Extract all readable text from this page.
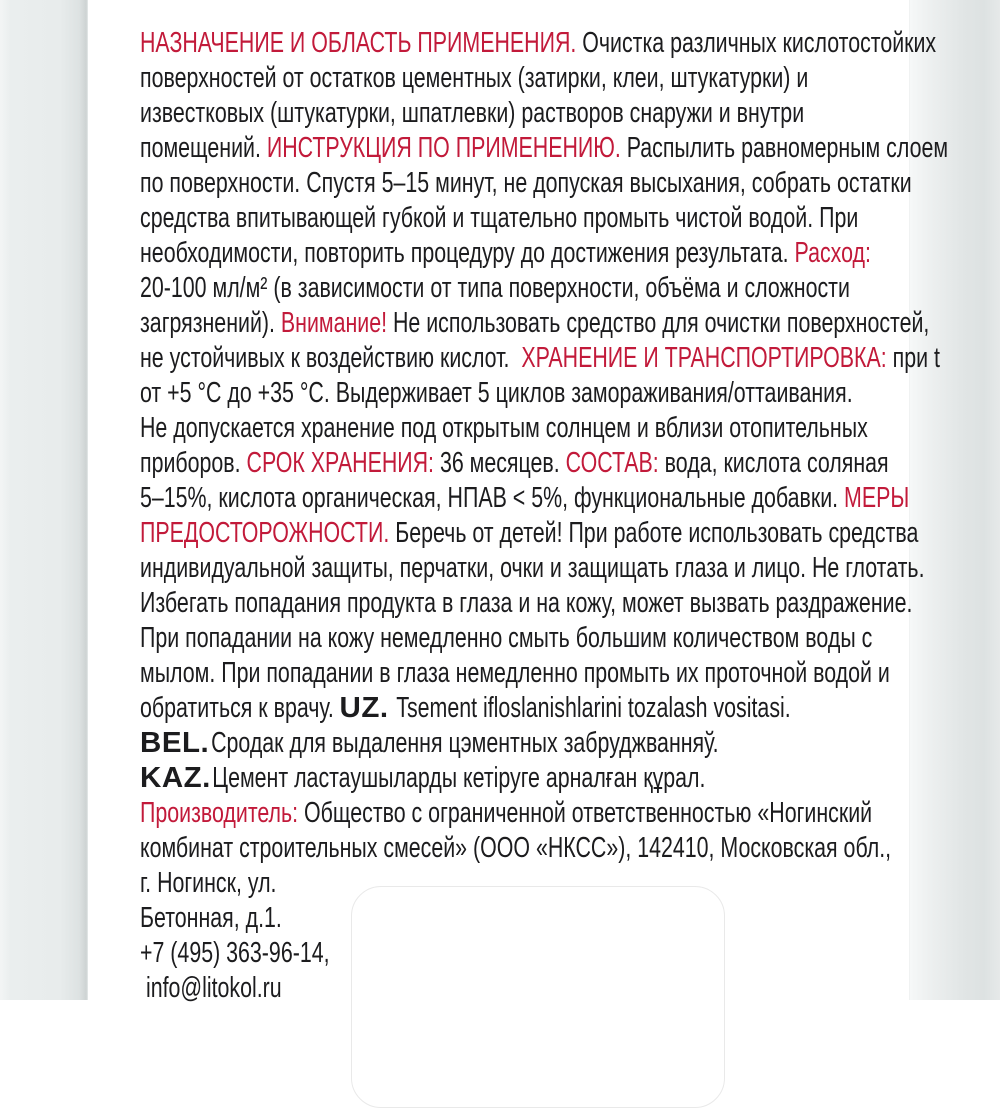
НАЗНАЧЕНИЕ И ОБЛАСТЬ ПРИМЕНЕНИЯ. Очистка различных кислотостойких
поверхностей от остатков цементных (затирки, клеи, штукатурки) и
известковых (штукатурки, шпатлевки) растворов снаружи и внутри
помещений. ИНСТРУКЦИЯ ПО ПРИМЕНЕНИЮ. Распылить равномерным слоем
по поверхности. Спустя 5–15 минут, не допуская высыхания, собрать остатки
средства впитывающей губкой и тщательно промыть чистой водой. При
необходимости, повторить процедуру до достижения результата. Расход:
20-100 мл/м² (в зависимости от типа поверхности, объёма и сложности
загрязнений). Внимание! Не использовать средство для очистки поверхностей,
не устойчивых к воздействию кислот.  ХРАНЕНИЕ И ТРАНСПОРТИРОВКА: при t
от +5 °С до +35 °С. Выдерживает 5 циклов замораживания/оттаивания.
Не допускается хранение под открытым солнцем и вблизи отопительных
приборов. СРОК ХРАНЕНИЯ: 36 месяцев. СОСТАВ: вода, кислота соляная
5–15%, кислота органическая, НПАВ < 5%, функциональные добавки. МЕРЫ
ПРЕДОСТОРОЖНОСТИ. Беречь от детей! При работе использовать средства
индивидуальной защиты, перчатки, очки и защищать глаза и лицо. Не глотать.
Избегать попадания продукта в глаза и на кожу, может вызвать раздражение.
При попадании на кожу немедленно смыть большим количеством воды с
мылом. При попадании в глаза немедленно промыть их проточной водой и
обратиться к врачу. UZ. Tsement ifloslanishlarini tozalash vositasi.
BEL. Сродак для выдалення цэментных забруджванняў.
KAZ. Цемент ластаушыларды кетіруге арналған құрал.
Производитель: Общество с ограниченной ответственностью «Ногинский
комбинат строительных смесей» (ООО «НКСС»), 142410, Московская обл.,
г. Ногинск, ул.
Бетонная, д.1.
+7 (495) 363-96-14,
info@litokol.ru
